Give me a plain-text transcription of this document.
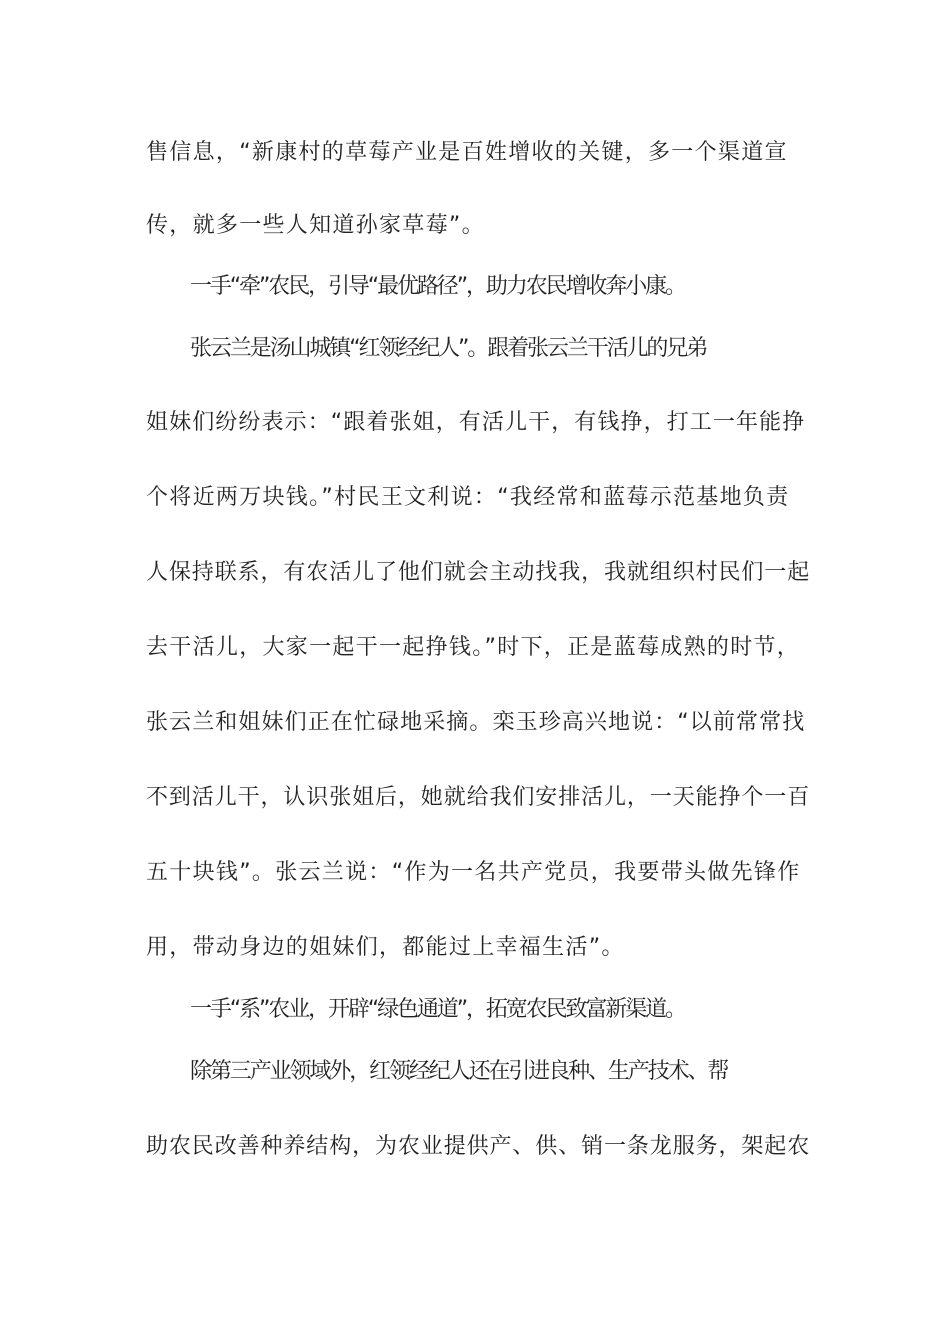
售信息，“新康村的草莓产业是百姓增收的关键，多一个渠道宣
传，就多一些人知道孙家草莓”。
一手“牵”农民，引导“最优路径”，助力农民增收奔小康。
张云兰是汤山城镇“红领经纪人”。跟着张云兰干活儿的兄弟
姐妹们纷纷表示：“跟着张姐，有活儿干，有钱挣，打工一年能挣
个将近两万块钱。”村民王文利说：“我经常和蓝莓示范基地负责
人保持联系，有农活儿了他们就会主动找我，我就组织村民们一起
去干活儿，大家一起干一起挣钱。”时下，正是蓝莓成熟的时节，
张云兰和姐妹们正在忙碌地采摘。栾玉珍高兴地说：“以前常常找
不到活儿干，认识张姐后，她就给我们安排活儿，一天能挣个一百
五十块钱”。张云兰说：“作为一名共产党员，我要带头做先锋作
用，带动身边的姐妹们，都能过上幸福生活”。
一手“系”农业，开辟“绿色通道”，拓宽农民致富新渠道。
除第三产业领域外，红领经纪人还在引进良种、生产技术、帮
助农民改善种养结构，为农业提供产、供、销一条龙服务，架起农
